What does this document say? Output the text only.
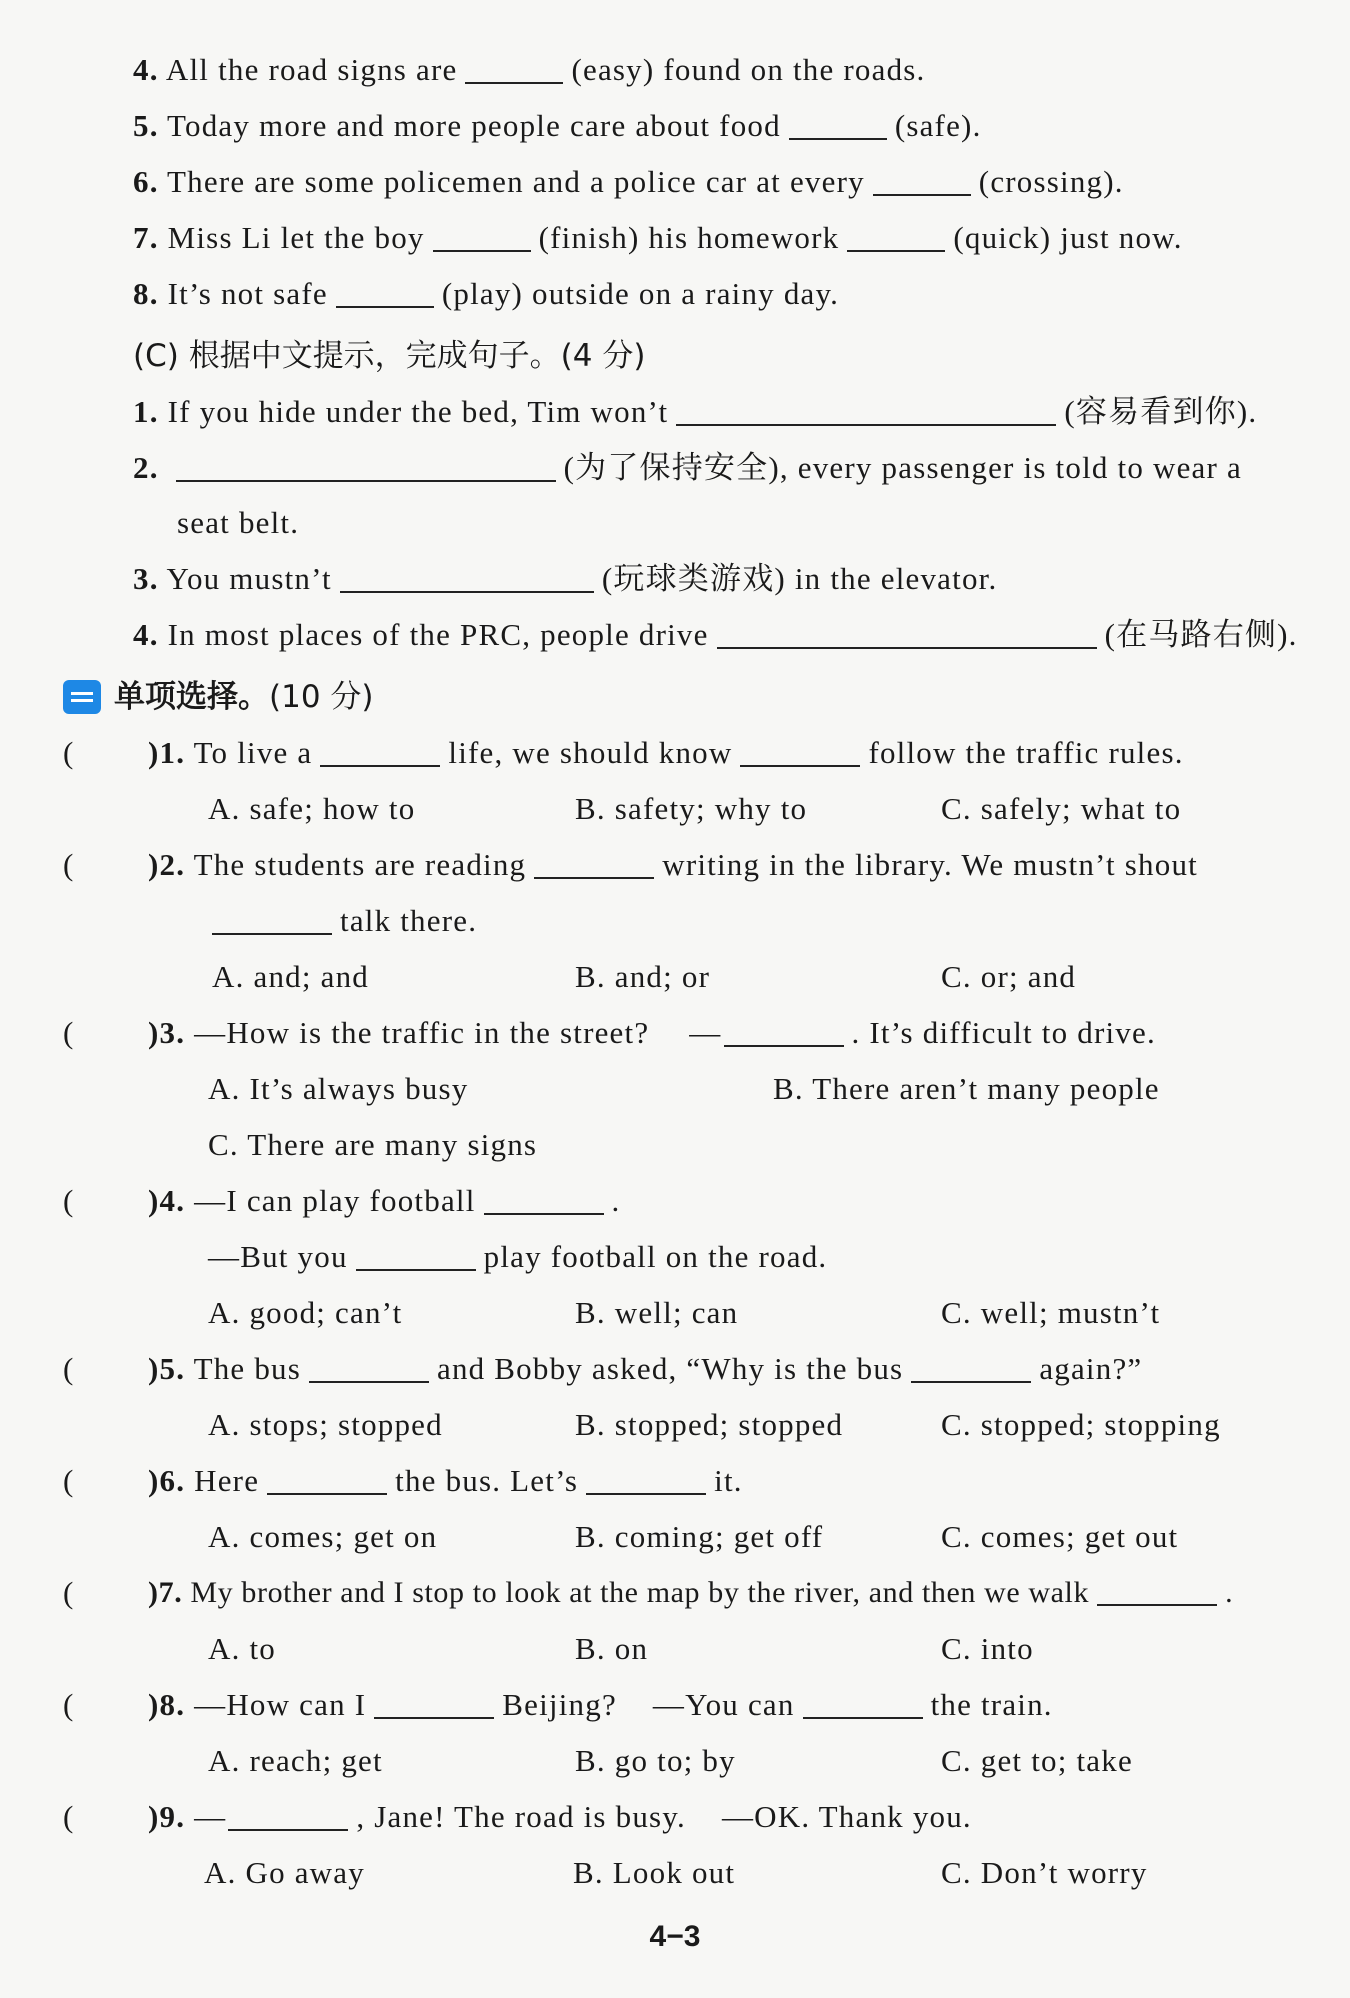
4. All the road signs are	(easy) found on the roads.
5. Today more and more people care about food	(safe).
6. There are some policemen and a police car at every	(crossing).
7. Miss Li let the boy	(finish) his homework	(quick) just now.
8. It’s not safe	(play) outside on a rainy day.
(C) 根据中文提示，完成句子。(4 分)
1. If you hide under the bed, Tim won’t	(容易看到你).
2.	(为了保持安全), every passenger is told to wear a
seat belt.
3. You mustn’t	(玩球类游戏) in the elevator.
4. In most places of the PRC, people drive	(在马路右侧).
单项选择。(10 分)
( )1. To live a	life, we should know	follow the traffic rules.
A. safe; how to	B. safety; why to	C. safely; what to
( )2. The students are reading	writing in the library. We mustn’t shout
talk there.
A. and; and	B. and; or	C. or; and
( )3. —How is the traffic in the street? —	. It’s difficult to drive.
A. It’s always busy	B. There aren’t many people
C. There are many signs
( )4. —I can play football	.
—But you	play football on the road.
A. good; can’t	B. well; can	C. well; mustn’t
( )5. The bus	and Bobby asked, “Why is the bus	again?”
A. stops; stopped	B. stopped; stopped	C. stopped; stopping
( )6. Here	the bus. Let’s	it.
A. comes; get on	B. coming; get off	C. comes; get out
( )7. My brother and I stop to look at the map by the river, and then we walk	.
A. to	B. on	C. into
( )8. —How can I	Beijing? —You can	the train.
A. reach; get	B. go to; by	C. get to; take
( )9. —	, Jane! The road is busy. —OK. Thank you.
A. Go away	B. Look out	C. Don’t worry
4−3
